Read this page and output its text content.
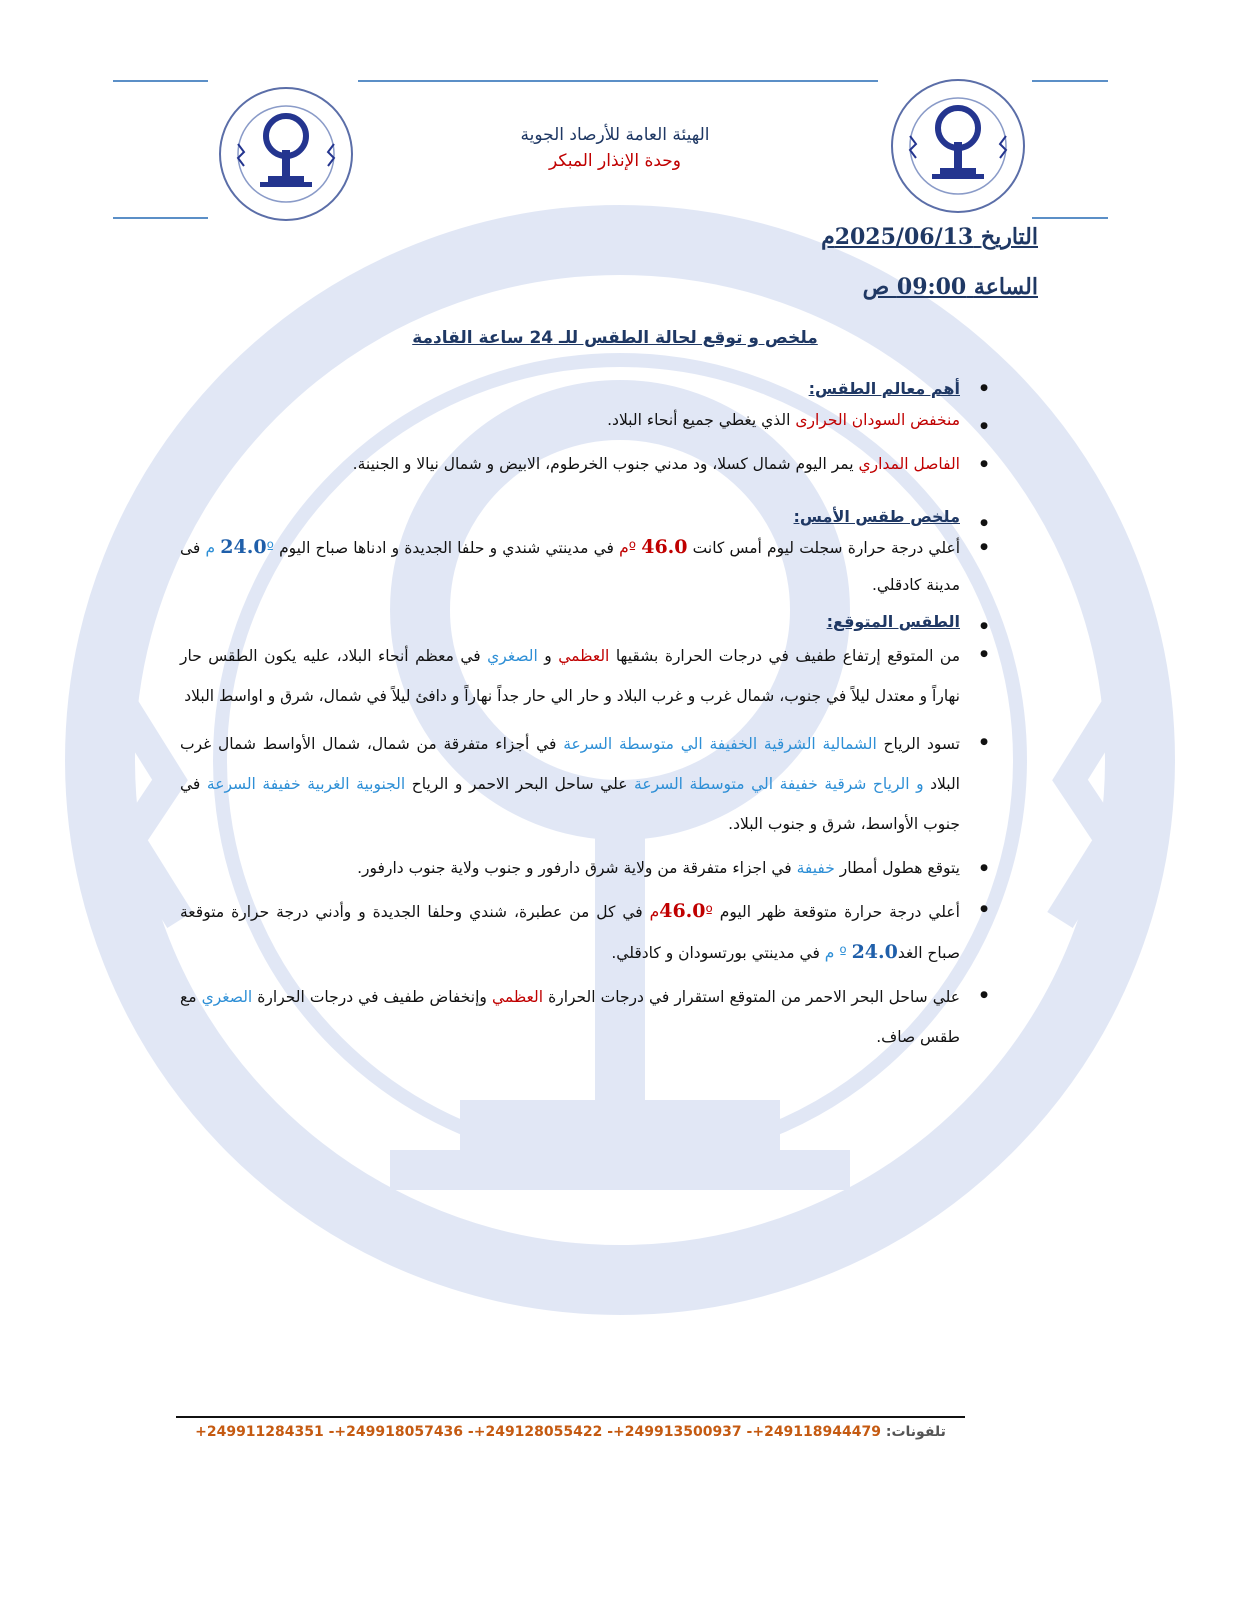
الهيئة العامة للأرصاد الجوية
وحدة الإنذار المبكر
التاريخ 2025/06/13م
الساعة 09:00 ص
ملخص و توقع لحالة الطقس للـ 24 ساعة القادمة
أهم معالم الطقس: ●
منخفض السودان الحرارى الذي يغطي جميع أنحاء البلاد. ●
الفاصل المداري يمر اليوم شمال كسلا، ود مدني جنوب الخرطوم، الابيض و شمال نيالا و الجنينة. ●
ملخص طقس الأمس: ●
أعلي درجة حرارة سجلت ليوم أمس كانت 46.0 ºم في مدينتي شندي و حلفا الجديدة و ادناها صباح اليوم 24.0º م فى مدينة كادقلي. ●
الطقس المتوقع: ●
من المتوقع إرتفاع طفيف في درجات الحرارة بشقيها العظمي و الصغري في معظم أنحاء البلاد، عليه يكون الطقس حار نهاراً و معتدل ليلاً في جنوب، شمال غرب و غرب البلاد و حار الي حار جداً نهاراً و دافئ ليلاً في شمال، شرق و اواسط البلاد ●
تسود الرياح الشمالية الشرقية الخفيفة الي متوسطة السرعة في أجزاء متفرقة من شمال، شمال الأواسط شمال غرب البلاد و الرياح شرقية خفيفة الي متوسطة السرعة علي ساحل البحر الاحمر و الرياح الجنوبية الغربية خفيفة السرعة في جنوب الأواسط، شرق و جنوب البلاد. ●
يتوقع هطول أمطار خفيفة في اجزاء متفرقة من ولاية شرق دارفور و جنوب ولاية جنوب دارفور. ●
أعلي درجة حرارة متوقعة ظهر اليوم 46.0ºم في كل من عطبرة، شندي وحلفا الجديدة و وأدني درجة حرارة متوقعة صباح الغد24.0 º م في مدينتي بورتسودان و كادقلي. ●
علي ساحل البحر الاحمر من المتوقع استقرار في درجات الحرارة العظمي وإنخفاض طفيف في درجات الحرارة الصغري مع طقس صاف. ●
تلفونات: +249911284351 -+249918057436 -+249128055422 -+249913500937 -+249118944479
